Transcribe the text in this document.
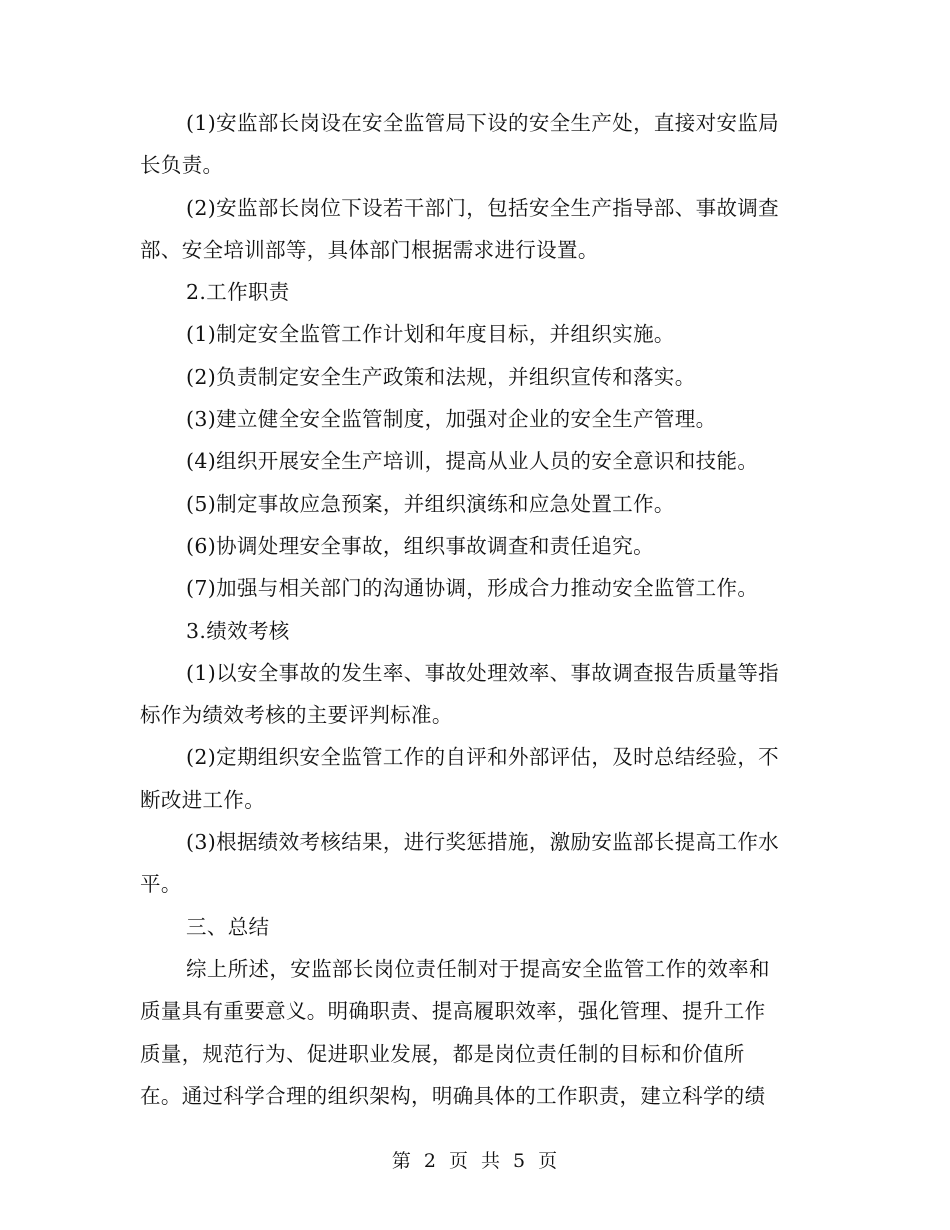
(1)安监部长岗设在安全监管局下设的安全生产处，直接对安监局
长负责。
(2)安监部长岗位下设若干部门，包括安全生产指导部、事故调查
部、安全培训部等，具体部门根据需求进行设置。
2.工作职责
(1)制定安全监管工作计划和年度目标，并组织实施。
(2)负责制定安全生产政策和法规，并组织宣传和落实。
(3)建立健全安全监管制度，加强对企业的安全生产管理。
(4)组织开展安全生产培训，提高从业人员的安全意识和技能。
(5)制定事故应急预案，并组织演练和应急处置工作。
(6)协调处理安全事故，组织事故调查和责任追究。
(7)加强与相关部门的沟通协调，形成合力推动安全监管工作。
3.绩效考核
(1)以安全事故的发生率、事故处理效率、事故调查报告质量等指
标作为绩效考核的主要评判标准。
(2)定期组织安全监管工作的自评和外部评估，及时总结经验，不
断改进工作。
(3)根据绩效考核结果，进行奖惩措施，激励安监部长提高工作水
平。
三、总结
综上所述，安监部长岗位责任制对于提高安全监管工作的效率和
质量具有重要意义。明确职责、提高履职效率，强化管理、提升工作
质量，规范行为、促进职业发展，都是岗位责任制的目标和价值所
在。通过科学合理的组织架构，明确具体的工作职责，建立科学的绩
第 2 页 共 5 页
